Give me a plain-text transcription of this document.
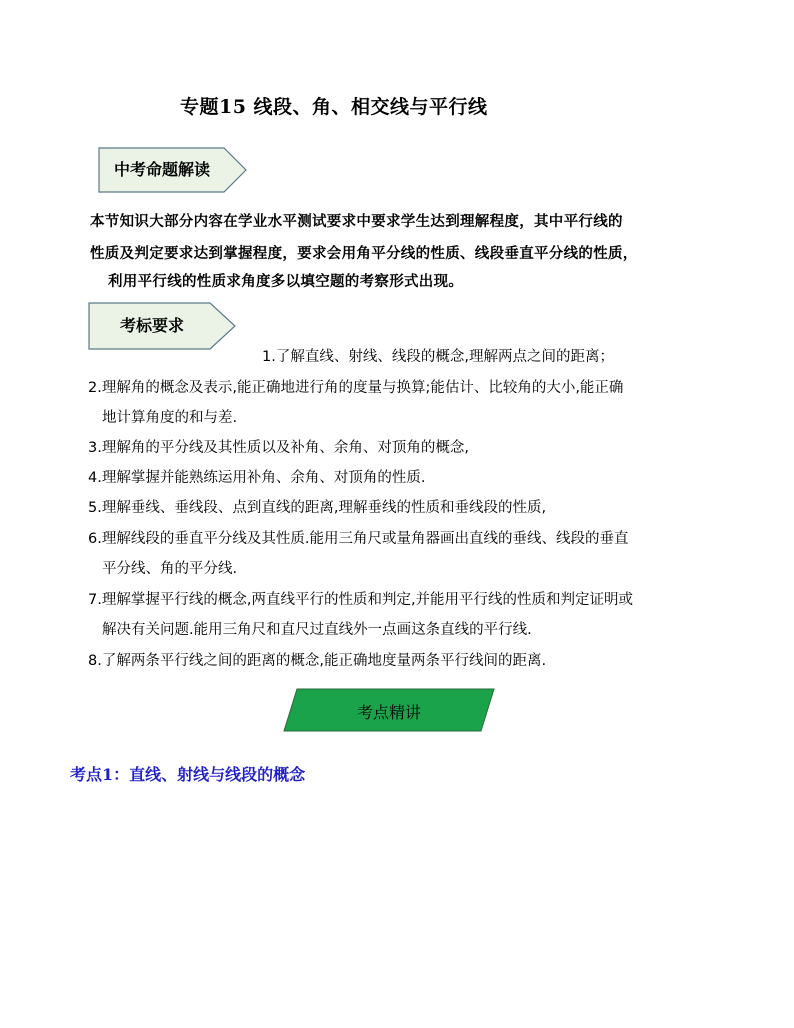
专题15 线段、角、相交线与平行线
中考命题解读

本节知识大部分内容在学业水平测试要求中要求学生达到理解程度，其中平行线的

性质及判定要求达到掌握程度，要求会用角平分线的性质、线段垂直平分线的性质，

利用平行线的性质求角度多以填空题的考察形式出现。

考标要求
1.了解直线、射线、线段的概念,理解两点之间的距离；
2.理解角的概念及表示,能正确地进行角的度量与换算;能估计、比较角的大小,能正确
地计算角度的和与差.
3.理解角的平分线及其性质以及补角、余角、对顶角的概念,
4.理解掌握并能熟练运用补角、余角、对顶角的性质.
5.理解垂线、垂线段、点到直线的距离,理解垂线的性质和垂线段的性质,
6.理解线段的垂直平分线及其性质.能用三角尺或量角器画出直线的垂线、线段的垂直
平分线、角的平分线.
7.理解掌握平行线的概念,两直线平行的性质和判定,并能用平行线的性质和判定证明或
解决有关问题.能用三角尺和直尺过直线外一点画这条直线的平行线.
8.了解两条平行线之间的距离的概念,能正确地度量两条平行线间的距离.
考点精讲
考点1：直线、射线与线段的概念
